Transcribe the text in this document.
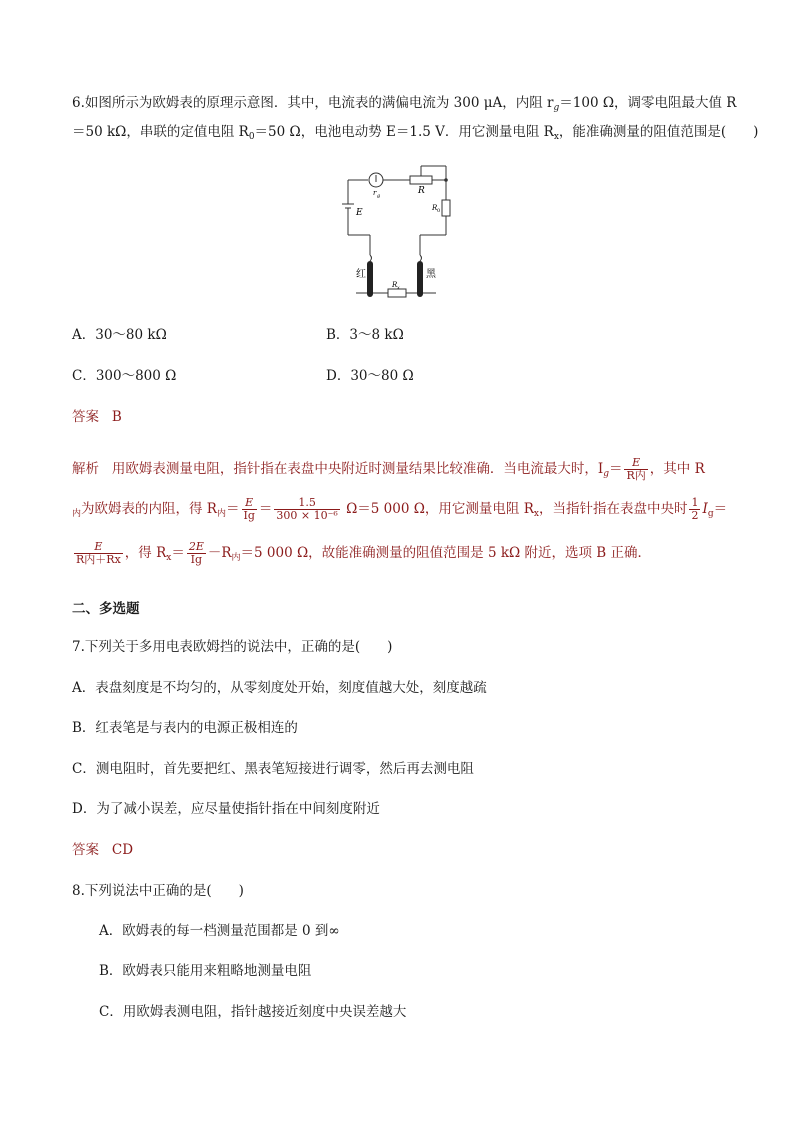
6.如图所示为欧姆表的原理示意图．其中，电流表的满偏电流为 300 μA，内阻 $r_g=100$ Ω，调零电阻最大值 R
＝50 kΩ，串联的定值电阻 $R_0=50$ Ω，电池电动势 E＝1.5 V．用它测量电阻 $R_x$，能准确测量的阻值范围是(　　)
R
r g
E	R 0
红	黑
R x
A．30～80 kΩ	B．3～8 kΩ
C．300～800 Ω	D．30～80 Ω
答案 B
解析 用欧姆表测量电阻，指针指在表盘中央附近时测量结果比较准确．当电流最大时，$I_g= \frac{E}{\text{R内}}$ ，其中 R
$_内$为欧姆表的内阻，得 $R_内= \frac{E}{Ig} = \frac{1.5}{\text{300 × 10⁻⁶}} \Omega=5$ 000 Ω，用它测量电阻 $R_x$，当指针指在表盘中央时 $\frac{1}{2} I_g=$
$\frac{E}{\text{R内＋Rx}}$ ，得 $R_x= \frac{2E}{Ig} -R_内=5$ 000 Ω，故能准确测量的阻值范围是 5 kΩ 附近，选项 B 正确．
二、多选题
7.下列关于多用电表欧姆挡的说法中，正确的是(　　)
A．表盘刻度是不均匀的，从零刻度处开始，刻度值越大处，刻度越疏
B．红表笔是与表内的电源正极相连的
C．测电阻时，首先要把红、黑表笔短接进行调零，然后再去测电阻
D．为了减小误差，应尽量使指针指在中间刻度附近
答案 CD
8.下列说法中正确的是(　　)
A．欧姆表的每一档测量范围都是 0 到∞
B．欧姆表只能用来粗略地测量电阻
C．用欧姆表测电阻，指针越接近刻度中央误差越大
